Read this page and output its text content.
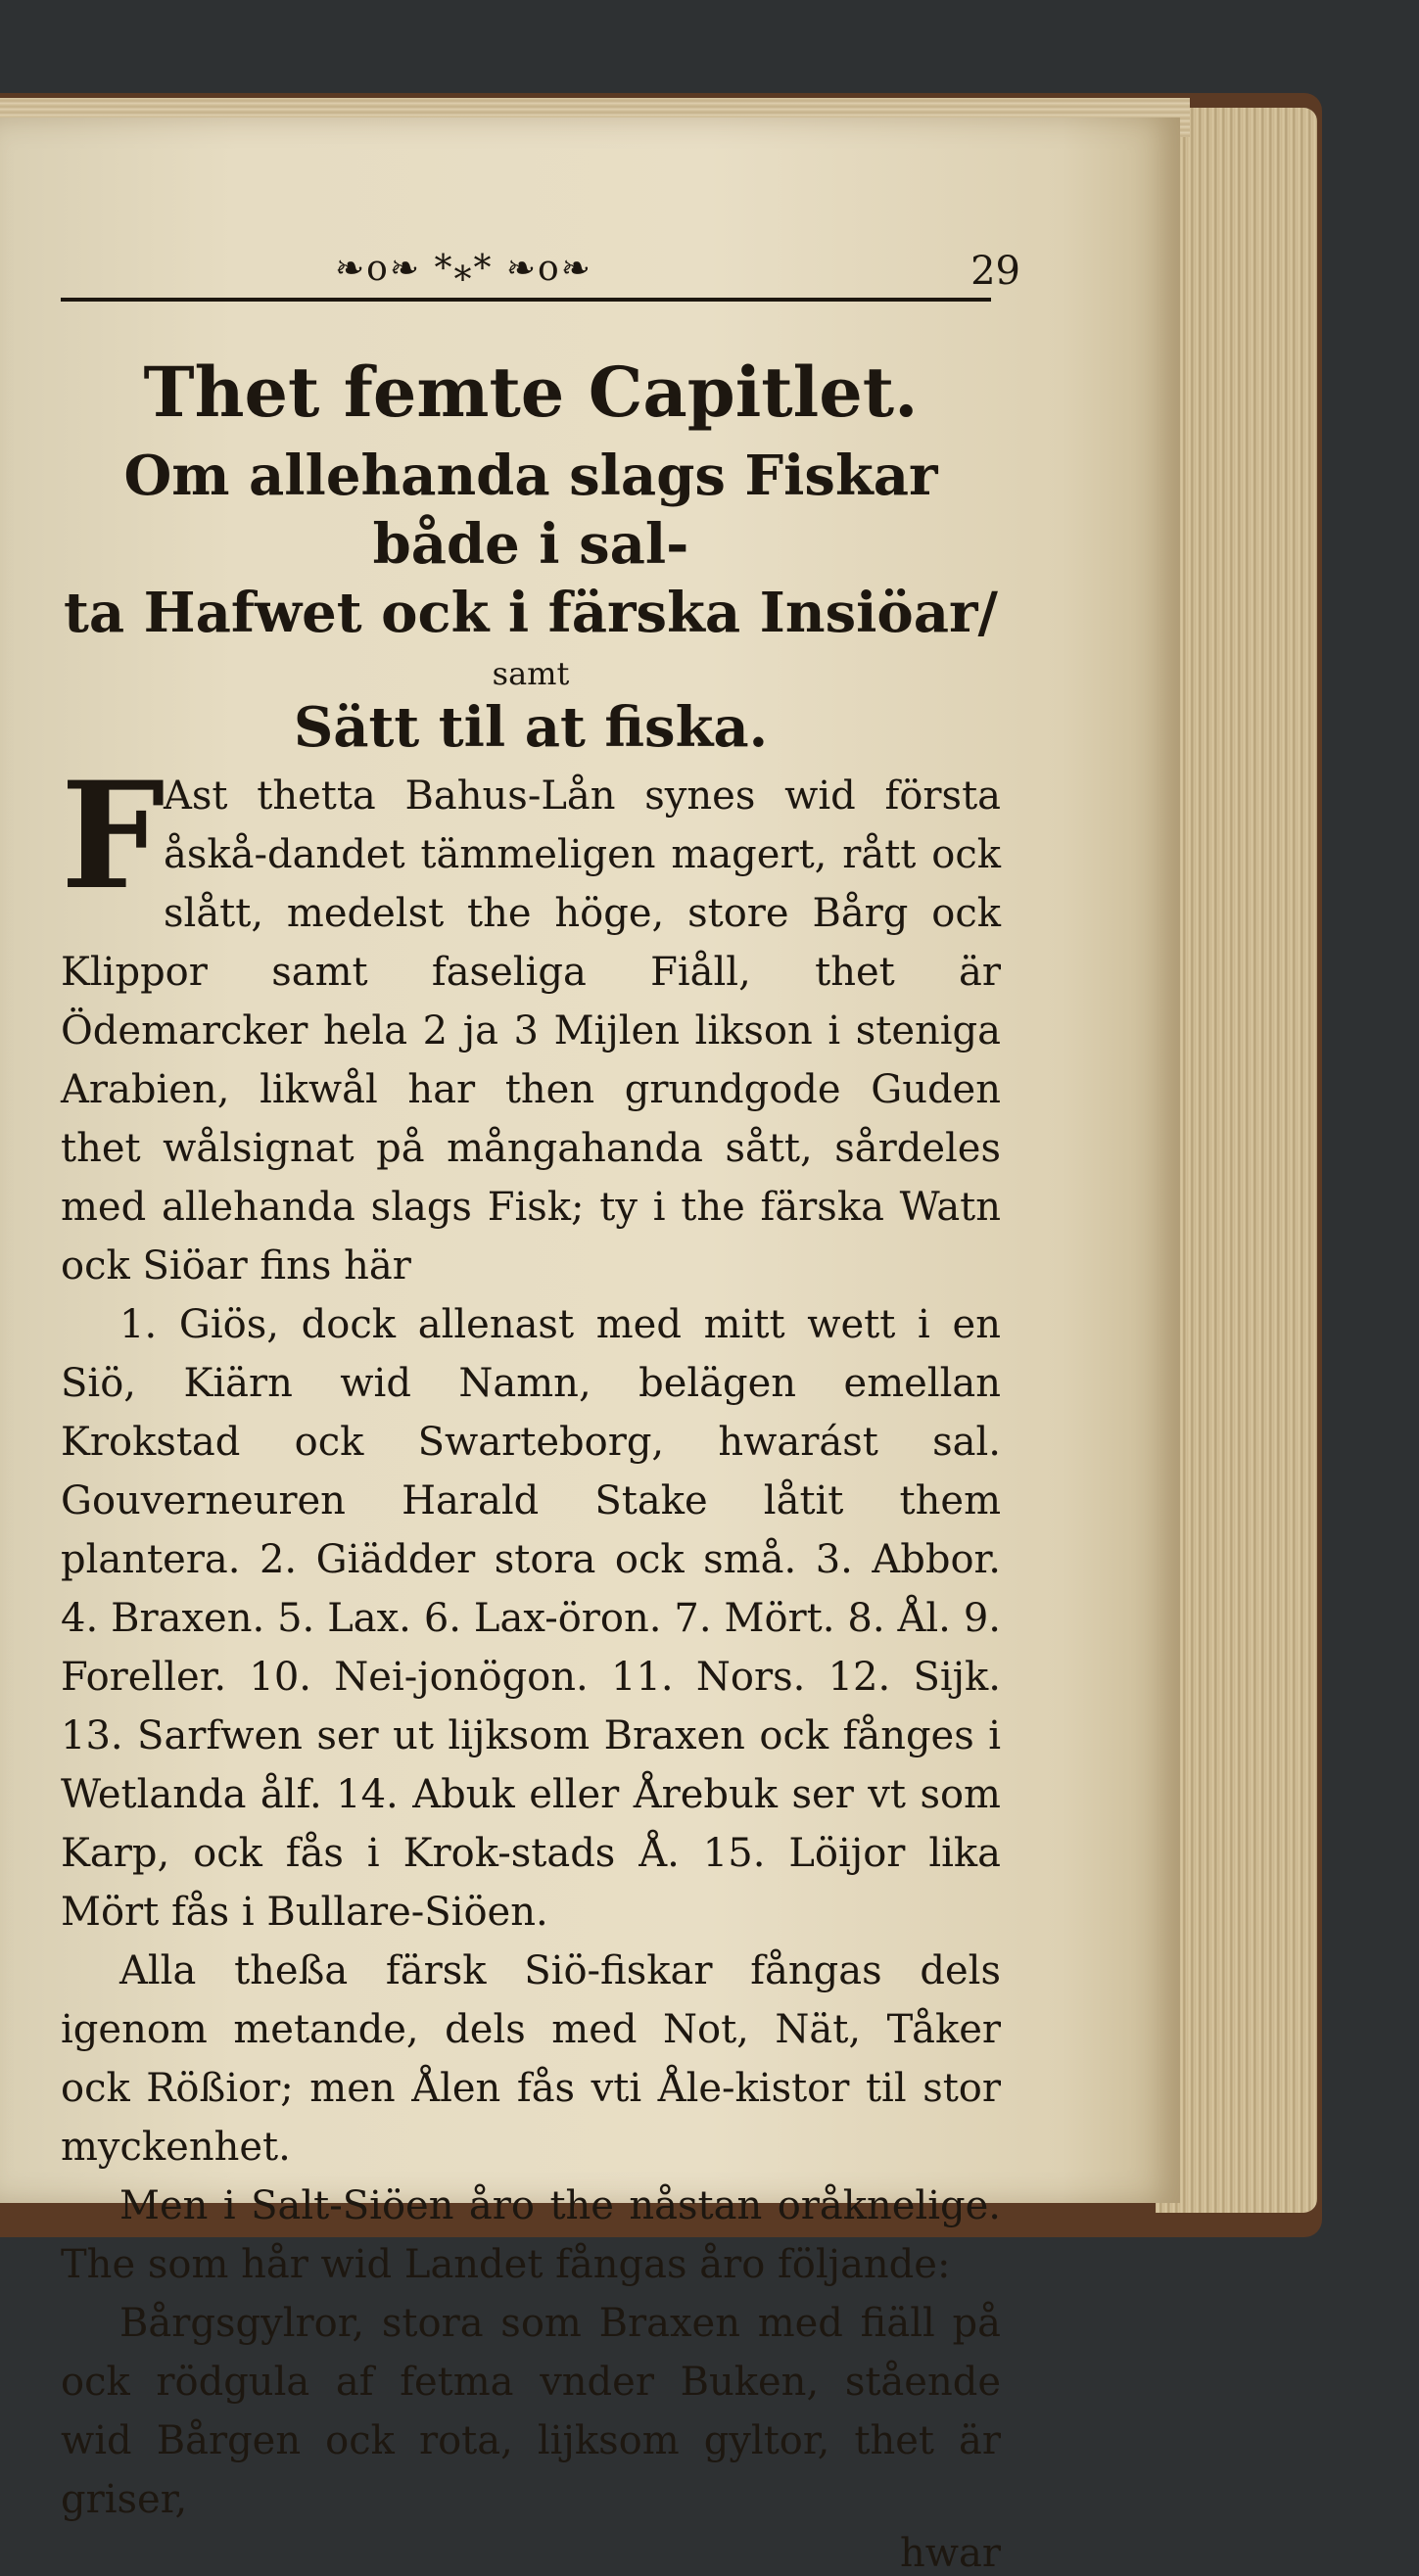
❧o❧ *⁎* ❧o❧	29
Thet femte Capitlet.
Om allehanda slags Fiskar både i sal-
ta Hafwet ock i färska Insiöar/
samt
Sätt til at fiska.

F
Ast thetta Bahus-Lån synes wid första åskå-dandet tämmeligen magert, rått ock slått, medelst the höge, store Bårg ock Klippor samt faseliga Fiåll, thet är Ödemarcker hela 2 ja 3 Mijlen likson i steniga Arabien, likwål har then grundgode Guden thet wålsignat på mångahanda sått, sårdeles med allehanda slags Fisk; ty i the färska Watn ock Siöar fins här

1. Giös, dock allenast med mitt wett i en Siö, Kiärn wid Namn, belägen emellan Krokstad ock Swarteborg, hwarást sal. Gouverneuren Harald Stake låtit them plantera. 2. Giädder stora ock små. 3. Abbor. 4. Braxen. 5. Lax. 6. Lax-öron. 7. Mört. 8. Ål. 9. Foreller. 10. Nei-jonögon. 11. Nors. 12. Sijk. 13. Sarfwen ser ut lijksom Braxen ock fånges i Wetlanda ålf. 14. Abuk eller Årebuk ser vt som Karp, ock fås i Krok-stads Å. 15. Löijor lika Mört fås i Bullare-Siöen.

Alla theßa färsk Siö-fiskar fångas dels igenom metande, dels med Not, Nät, Tåker ock Rößior; men Ålen fås vti Åle-kistor til stor myckenhet.

Men i Salt-Siöen åro the nåstan oråknelige. The som hår wid Landet fångas åro följande:

Bårgsgylror, stora som Braxen med fiäll på ock rödgula af fetma vnder Buken, stående wid Bårgen ock rota, lijksom gyltor, thet är griser,

hwar
